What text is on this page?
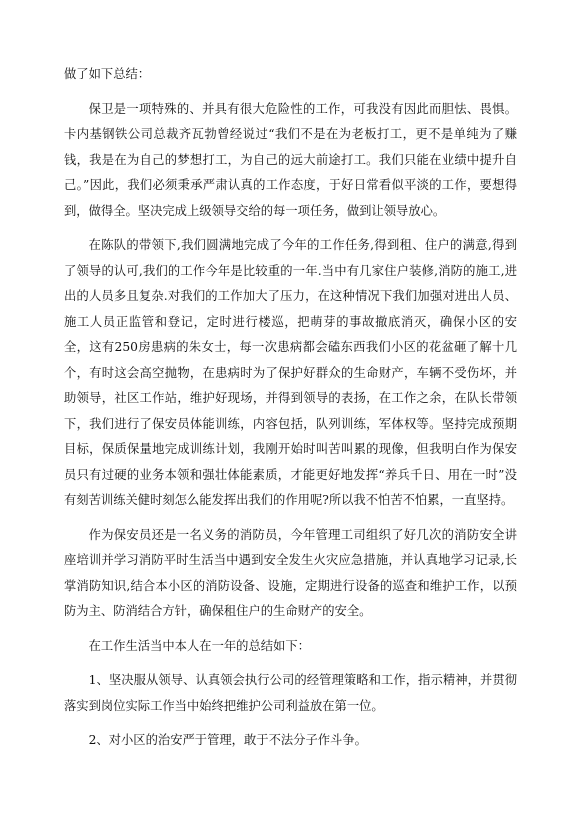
做了如下总结：

保卫是一项特殊的、并具有很大危险性的工作，可我没有因此而胆怯、畏惧。卡内基钢铁公司总裁齐瓦勃曾经说过“我们不是在为老板打工，更不是单纯为了赚钱，我是在为自己的梦想打工，为自己的远大前途打工。我们只能在业绩中提升自己。”因此，我们必须秉承严肃认真的工作态度，于好日常看似平淡的工作，要想得到，做得全。坚决完成上级领导交给的每一项任务，做到让领导放心。

在陈队的带领下,我们圆满地完成了今年的工作任务,得到租、住户的满意,得到了领导的认可,我们的工作今年是比较重的一年.当中有几家住户装修,消防的施工,进出的人员多且复杂.对我们的工作加大了压力，在这种情况下我们加强对进出人员、施工人员正监管和登记，定时进行楼巡，把萌芽的事故撤底消灭，确保小区的安全，这有250房患病的朱女士，每一次患病都会磕东西我们小区的花盆砸了解十几个，有时这会高空抛物，在患病时为了保护好群众的生命财产，车辆不受伤坏，并助领导，社区工作站，维护好现场，并得到领导的表扬，在工作之余，在队长带领下，我们进行了保安员体能训练，内容包括，队列训练，军体权等。坚持完成预期目标，保质保量地完成训练计划，我刚开始时叫苦叫累的现像，但我明白作为保安员只有过硬的业务本领和强壮体能素质，才能更好地发挥“养兵千日、用在一时”没有刻苦训练关健时刻怎么能发挥出我们的作用呢?所以我不怕苦不怕累，一直坚持。

作为保安员还是一名义务的消防员，今年管理工司组织了好几次的消防安全讲座培训并学习消防平时生活当中遇到安全发生火灾应急措施，并认真地学习记录,长掌消防知识,结合本小区的消防设备、设施，定期进行设备的巡查和维护工作，以预防为主、防消结合方针，确保租住户的生命财产的安全。

在工作生活当中本人在一年的总结如下：

1、坚决服从领导、认真领会执行公司的经管理策略和工作，指示精神，并贯彻落实到岗位实际工作当中始终把维护公司利益放在第一位。

2、对小区的治安严于管理，敢于不法分子作斗争。
